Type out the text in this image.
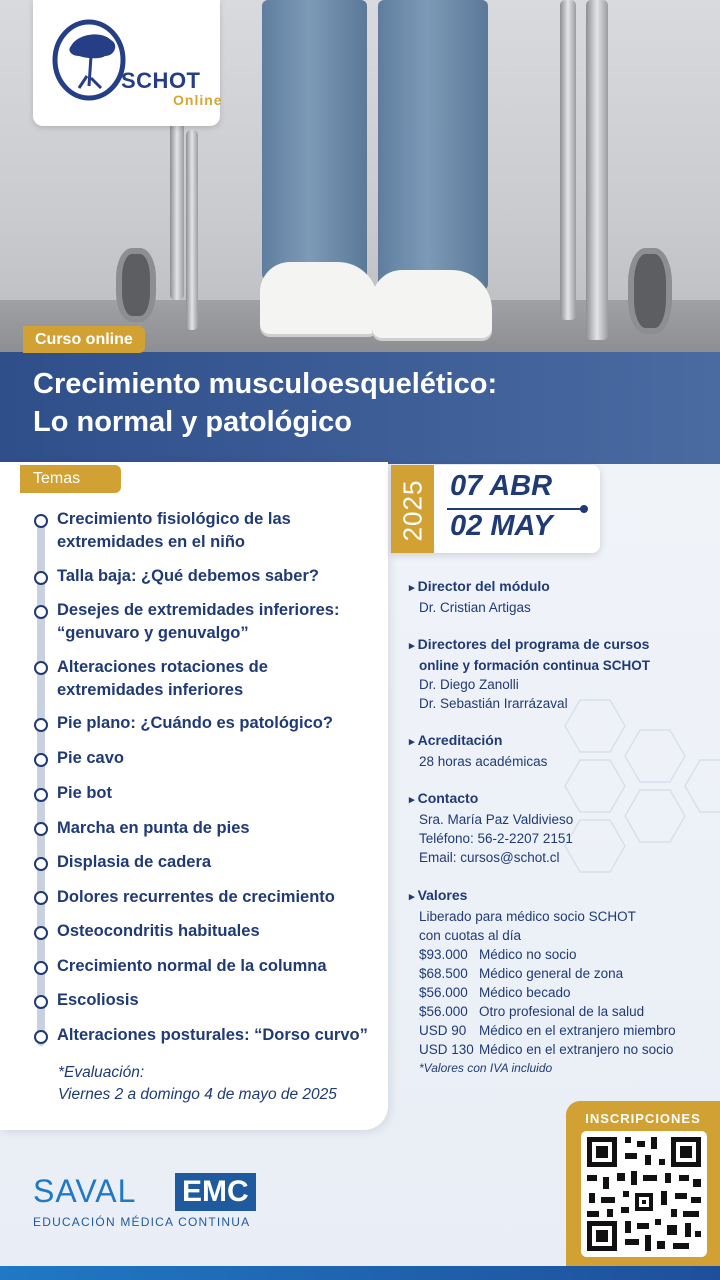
SCHOT
Online
Crecimiento musculoesquelético:
Lo normal y patológico
Curso online
Temas
Crecimiento fisiológico de las extremidades en el niño
Talla baja: ¿Qué debemos saber?
Desejes de extremidades inferiores: “genuvaro y genuvalgo”
Alteraciones rotaciones de extremidades inferiores
Pie plano: ¿Cuándo es patológico?
Pie cavo
Pie bot
Marcha en punta de pies
Displasia de cadera
Dolores recurrentes de crecimiento
Osteocondritis habituales
Crecimiento normal de la columna
Escoliosis
Alteraciones posturales: “Dorso curvo”
*Evaluación:
Viernes 2 a domingo 4 de mayo de 2025
2025 07 ABR
02 MAY
▸ Director del módulo
Dr. Cristian Artigas
▸ Directores del programa de cursos
online y formación continua SCHOT
Dr. Diego Zanolli
Dr. Sebastián Irarrázaval
▸ Acreditación
28 horas académicas
▸ Contacto
Sra. María Paz Valdivieso
Teléfono: 56-2-2207 2151
Email: cursos@schot.cl
▸ Valores
Liberado para médico socio SCHOT
con cuotas al día
$93.000 Médico no socio
$68.500 Médico general de zona
$56.000 Médico becado
$56.000 Otro profesional de la salud
USD 90 Médico en el extranjero miembro
USD 130 Médico en el extranjero no socio
*Valores con IVA incluido
SAVAL EMC
EDUCACIÓN MÉDICA CONTINUA
INSCRIPCIONES
